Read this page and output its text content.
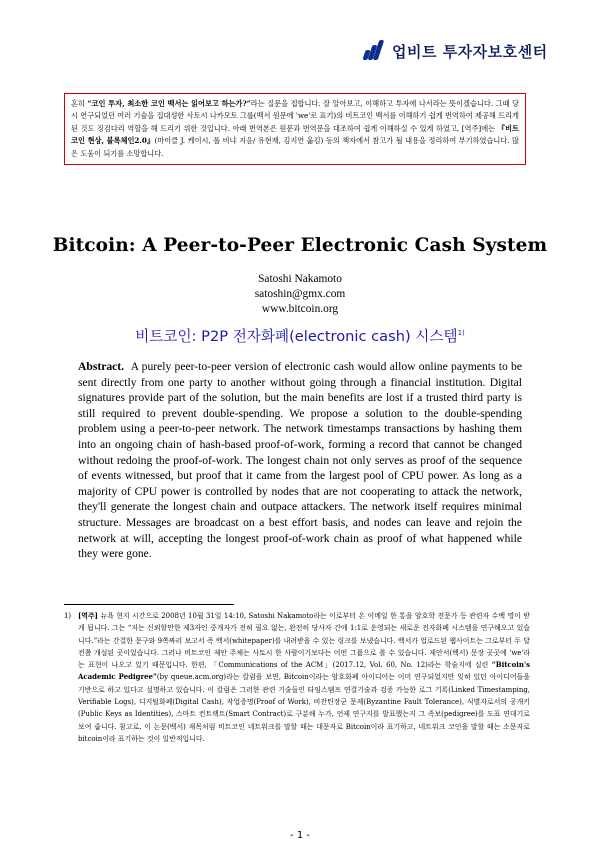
업비트 투자자보호센터
혼히 “코인 투자, 최소한 코인 백서는 읽어보고 하는가?”라는 질문을 접합니다. 잘 알아보고, 이해하고 투자에 나서라는 뜻이겠습니다. 그때 당시 연구되었던 여러 기술을 집대성한 사토시 나카모토 그룹(백서 원문에 'we'로 표기)의 비트코인 백서를 이해하기 쉽게 번역하여 제공해 드리게 된 것도 징검다리 역할을 해 드리기 위한 것입니다. 아래 번역본은 원문과 번역문을 대조하여 쉽게 이해하실 수 있게 하였고, [역주]에는 『비트코인 현상, 블록체인2.0』(마이클 J. 케이시, 폴 비냐 지음/ 유현재, 김지연 옮김) 등의 책자에서 참고가 될 내용을 정리하여 부기하였습니다. 많은 도움이 되기를 소망합니다.
Bitcoin: A Peer-to-Peer Electronic Cash System
Satoshi Nakamoto
satoshin@gmx.com
www.bitcoin.org
비트코인: P2P 전자화폐(electronic cash) 시스템$^{1)}$
Abstract. A purely peer-to-peer version of electronic cash would allow online payments to be sent directly from one party to another without going through a financial institution. Digital signatures provide part of the solution, but the main benefits are lost if a trusted third party is still required to prevent double-spending. We propose a solution to the double-spending problem using a peer-to-peer network. The network timestamps transactions by hashing them into an ongoing chain of hash-based proof-of-work, forming a record that cannot be changed without redoing the proof-of-work. The longest chain not only serves as proof of the sequence of events witnessed, but proof that it came from the largest pool of CPU power. As long as a majority of CPU power is controlled by nodes that are not cooperating to attack the network, they'll generate the longest chain and outpace attackers. The network itself requires minimal structure. Messages are broadcast on a best effort basis, and nodes can leave and rejoin the network at will, accepting the longest proof-of-work chain as proof of what happened while they were gone.
1) [역주] 뉴욕 현지 시간으로 2008년 10월 31일 14:10, Satoshi Nakamoto라는 이로부터 온 이메일 한 통을 암호학 전문가 등 관련자 수백 명이 받게 됩니다. 그는 “저는 신뢰할만한 제3자인 중개자가 전혀 필요 없는, 완전히 당사자 간에 1:1로 운영되는 새로운 전자화폐 시스템을 연구해오고 있습니다.”라는 간결한 문구와 9쪽짜리 보고서 즉 백서(whitepaper)를 내려받을 수 있는 링크를 보냈습니다. 백서가 업로드된 웹사이트는 그로부터 두 달 전쯤 개설된 곳이었습니다. 그러나 비트코인 제안 주체는 사토시 한 사람이기보다는 어떤 그룹으로 볼 수 있습니다. 제안서(백서) 문장 곳곳에 'we'라는 표현이 나오고 있기 때문입니다. 한편, 「Communications of the ACM」(2017.12, Vol. 60, No. 12)라는 학술지에 실린 “Bitcoin's Academic Pedigree”(by queue.acm.org)라는 칼럼을 보면, Bitcoin이라는 암호화폐 아이디어는 이미 연구되었지만 잊혀 있던 아이디어들을 기반으로 하고 있다고 설명하고 있습니다. 이 칼럼은 그러한 관련 기술들인 타임스탬프 연결기술과 검증 가능한 로그 기록(Linked Timestamping, Verifiable Logs), 디지털화폐(Digital Cash), 작업증명(Proof of Work), 비잔틴장군 문제(Byzantine Fault Tolerance), 식별자로서의 공개키(Public Keys as Identities), 스마트 컨트랙트(Smart Contract)로 구분해 누가, 언제 연구지를 발표했는지 그 족보(pedigree)를 도표 연대기로 보여 줍니다. 참고로, 이 논문(백서) 재목처럼 비트코인 네트워크를 말할 때는 대문자로 Bitcoin이라 표기하고, 네트워크 코인을 말할 때는 소문자로 bitcoin이라 표기하는 것이 일반적입니다.
- 1 -
